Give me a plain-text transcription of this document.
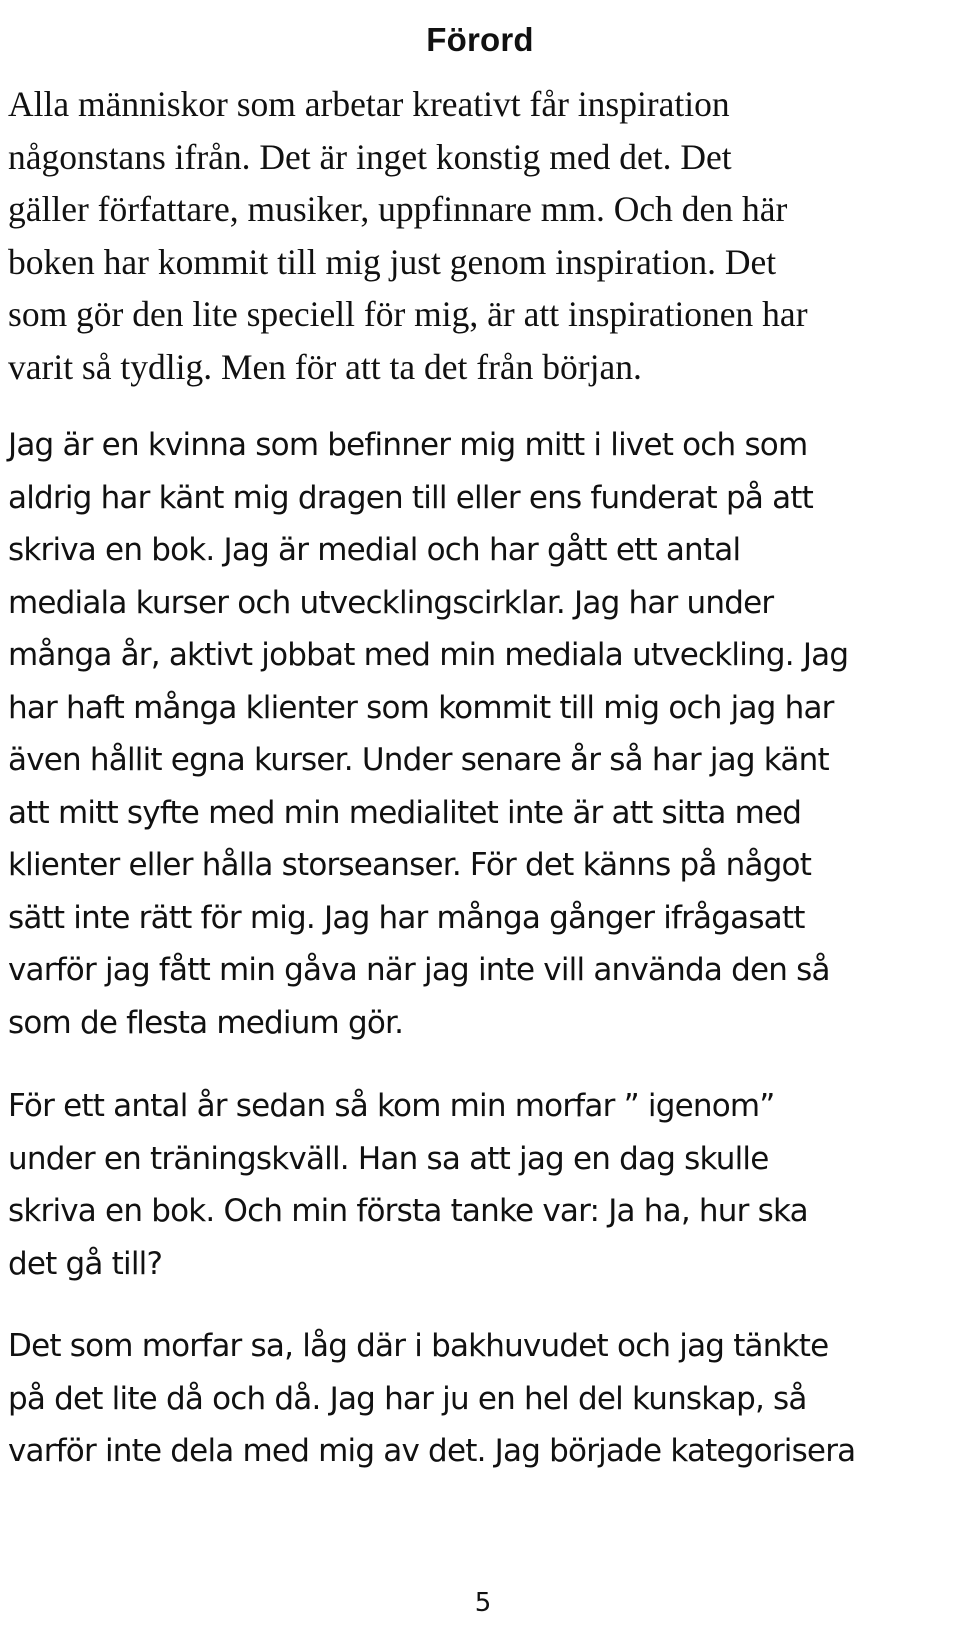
Förord

Alla människor som arbetar kreativt får inspiration
någonstans ifrån. Det är inget konstig med det. Det
gäller författare, musiker, uppfinnare mm. Och den här
boken har kommit till mig just genom inspiration. Det
som gör den lite speciell för mig, är att inspirationen har
varit så tydlig. Men för att ta det från början.

Jag är en kvinna som befinner mig mitt i livet och som
aldrig har känt mig dragen till eller ens funderat på att
skriva en bok. Jag är medial och har gått ett antal
mediala kurser och utvecklingscirklar. Jag har under
många år, aktivt jobbat med min mediala utveckling. Jag
har haft många klienter som kommit till mig och jag har
även hållit egna kurser. Under senare år så har jag känt
att mitt syfte med min medialitet inte är att sitta med
klienter eller hålla storseanser. För det känns på något
sätt inte rätt för mig. Jag har många gånger ifrågasatt
varför jag fått min gåva när jag inte vill använda den så
som de flesta medium gör.

För ett antal år sedan så kom min morfar ” igenom”
under en träningskväll. Han sa att jag en dag skulle
skriva en bok. Och min första tanke var: Ja ha, hur ska
det gå till?

Det som morfar sa, låg där i bakhuvudet och jag tänkte
på det lite då och då. Jag har ju en hel del kunskap, så
varför inte dela med mig av det. Jag började kategorisera

5
